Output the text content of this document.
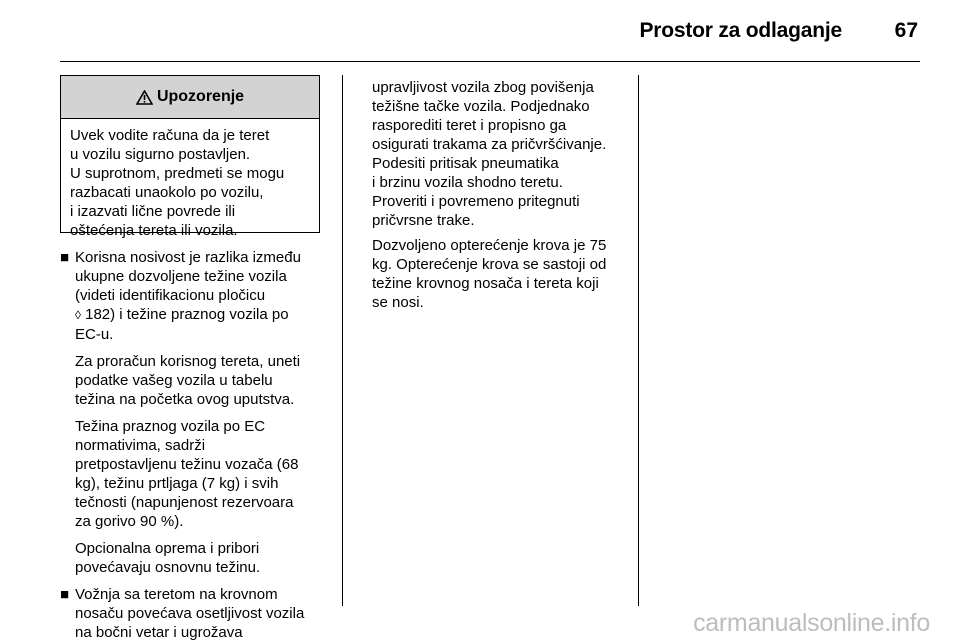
Prostor za odlaganje	67
Upozorenje
Uvek vodite računa da je teret
u vozilu sigurno postavljen.
U suprotnom, predmeti se mogu
razbacati unaokolo po vozilu,
i izazvati lične povrede ili
oštećenja tereta ili vozila.
■ Korisna nosivost je razlika između
ukupne dozvoljene težine vozila
(videti identifikacionu pločicu
◊ 182) i težine praznog vozila po
EC-u.
Za proračun korisnog tereta, uneti
podatke vašeg vozila u tabelu
težina na početka ovog uputstva.
Težina praznog vozila po EC
normativima, sadrži
pretpostavljenu težinu vozača (68
kg), težinu prtljaga (7 kg) i svih
tečnosti (napunjenost rezervoara
za gorivo 90 %).
Opcionalna oprema i pribori
povećavaju osnovnu težinu.
■ Vožnja sa teretom na krovnom
nosaču povećava osetljivost vozila
na bočni vetar i ugrožava
upravljivost vozila zbog povišenja
težišne tačke vozila. Podjednako
rasporediti teret i propisno ga
osigurati trakama za pričvršćivanje.
Podesiti pritisak pneumatika
i brzinu vozila shodno teretu.
Proveriti i povremeno pritegnuti
pričvrsne trake.
Dozvoljeno opterećenje krova je 75
kg. Opterećenje krova se sastoji od
težine krovnog nosača i tereta koji
se nosi.
carmanualsonline.info
